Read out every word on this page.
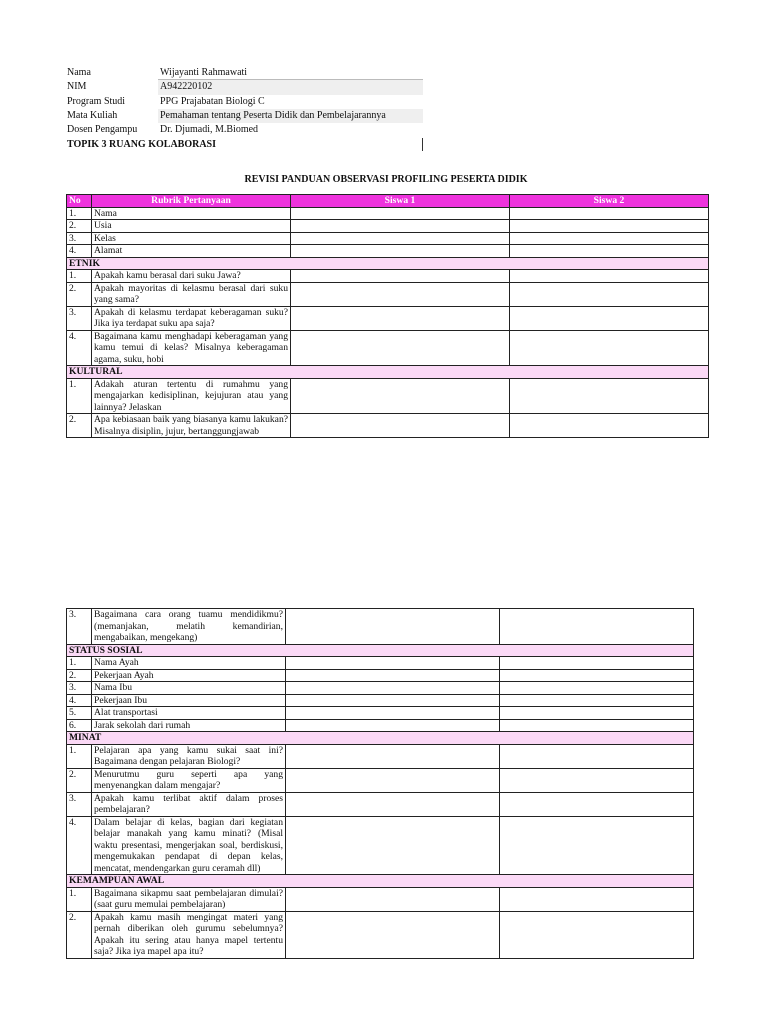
Nama	Wijayanti Rahmawati
NIM	A942220102
Program Studi	PPG Prajabatan Biologi C
Mata Kuliah	Pemahaman tentang Peserta Didik dan Pembelajarannya
Dosen Pengampu	Dr. Djumadi, M.Biomed
TOPIK 3 RUANG KOLABORASI
REVISI PANDUAN OBSERVASI PROFILING PESERTA DIDIK
No	Rubrik Pertanyaan	Siswa 1	Siswa 2
1.	Nama		
2.	Usia		
3.	Kelas		
4.	Alamat		
ETNIK			
1.	Apakah kamu berasal dari suku Jawa?		
2.	Apakah mayoritas di kelasmu berasal dari suku yang sama?		
3.	Apakah di kelasmu terdapat keberagaman suku? Jika iya terdapat suku apa saja?		
4.	Bagaimana kamu menghadapi keberagaman yang kamu temui di kelas? Misalnya keberagaman agama, suku, hobi		
KULTURAL			
1.	Adakah aturan tertentu di rumahmu yang mengajarkan kedisiplinan, kejujuran atau yang lainnya? Jelaskan		
2.	Apa kebiasaan baik yang biasanya kamu lakukan? Misalnya disiplin, jujur, bertanggungjawab		
3.	Bagaimana cara orang tuamu mendidikmu? (memanjakan, melatih kemandirian, mengabaikan, mengekang)		
STATUS SOSIAL			
1.	Nama Ayah		
2.	Pekerjaan Ayah		
3.	Nama Ibu		
4.	Pekerjaan Ibu		
5.	Alat transportasi		
6.	Jarak sekolah dari rumah		
MINAT			
1.	Pelajaran apa yang kamu sukai saat ini? Bagaimana dengan pelajaran Biologi?		
2.	Menurutmu guru seperti apa yang menyenangkan dalam mengajar?		
3.	Apakah kamu terlibat aktif dalam proses pembelajaran?		
4.	Dalam belajar di kelas, bagian dari kegiatan belajar manakah yang kamu minati? (Misal waktu presentasi, mengerjakan soal, berdiskusi, mengemukakan pendapat di depan kelas, mencatat, mendengarkan guru ceramah dll)		
KEMAMPUAN AWAL			
1.	Bagaimana sikapmu saat pembelajaran dimulai? (saat guru memulai pembelajaran)		
2.	Apakah kamu masih mengingat materi yang pernah diberikan oleh gurumu sebelumnya? Apakah itu sering atau hanya mapel tertentu saja? Jika iya mapel apa itu?		
